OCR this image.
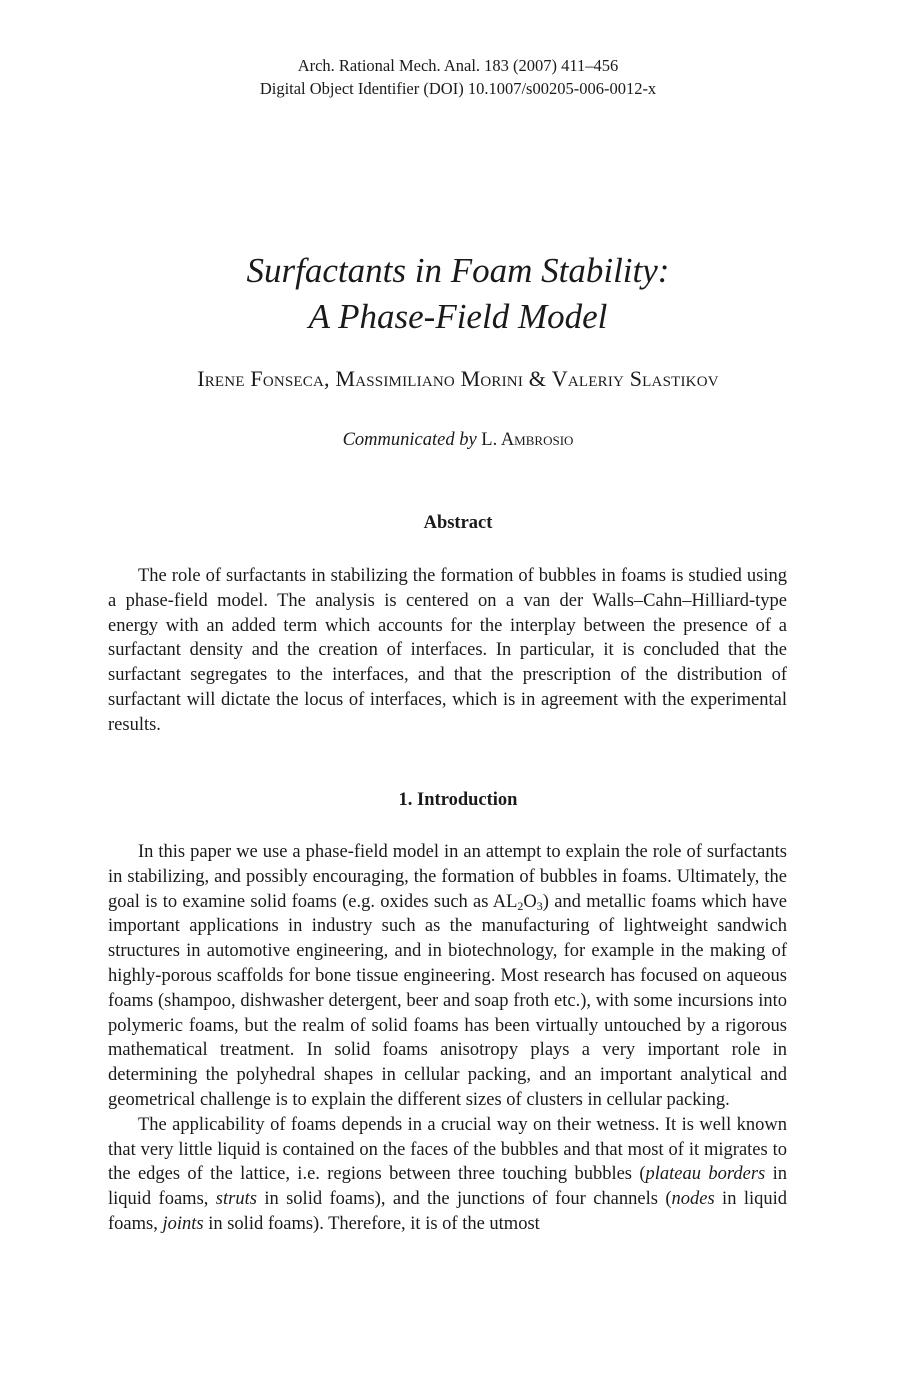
Arch. Rational Mech. Anal. 183 (2007) 411–456
Digital Object Identifier (DOI) 10.1007/s00205-006-0012-x
Surfactants in Foam Stability:
A Phase-Field Model
Irene Fonseca, Massimiliano Morini & Valeriy Slastikov
Communicated by L. Ambrosio
Abstract

The role of surfactants in stabilizing the formation of bubbles in foams is studied using a phase-field model. The analysis is centered on a van der Walls–Cahn–Hilliard-type energy with an added term which accounts for the interplay between the presence of a surfactant density and the creation of interfaces. In particular, it is concluded that the surfactant segregates to the interfaces, and that the prescription of the distribution of surfactant will dictate the locus of interfaces, which is in agreement with the experimental results.

1. Introduction

In this paper we use a phase-field model in an attempt to explain the role of surfactants in stabilizing, and possibly encouraging, the formation of bubbles in foams. Ultimately, the goal is to examine solid foams (e.g. oxides such as $AL_2O_3$) and metallic foams which have important applications in industry such as the manufacturing of lightweight sandwich structures in automotive engineering, and in biotechnology, for example in the making of highly-porous scaffolds for bone tissue engineering. Most research has focused on aqueous foams (shampoo, dishwasher detergent, beer and soap froth etc.), with some incursions into polymeric foams, but the realm of solid foams has been virtually untouched by a rigorous mathematical treatment. In solid foams anisotropy plays a very important role in determining the polyhedral shapes in cellular packing, and an important analytical and geometrical challenge is to explain the different sizes of clusters in cellular packing.

The applicability of foams depends in a crucial way on their wetness. It is well known that very little liquid is contained on the faces of the bubbles and that most of it migrates to the edges of the lattice, i.e. regions between three touching bubbles (plateau borders in liquid foams, struts in solid foams), and the junctions of four channels (nodes in liquid foams, joints in solid foams). Therefore, it is of the utmost
